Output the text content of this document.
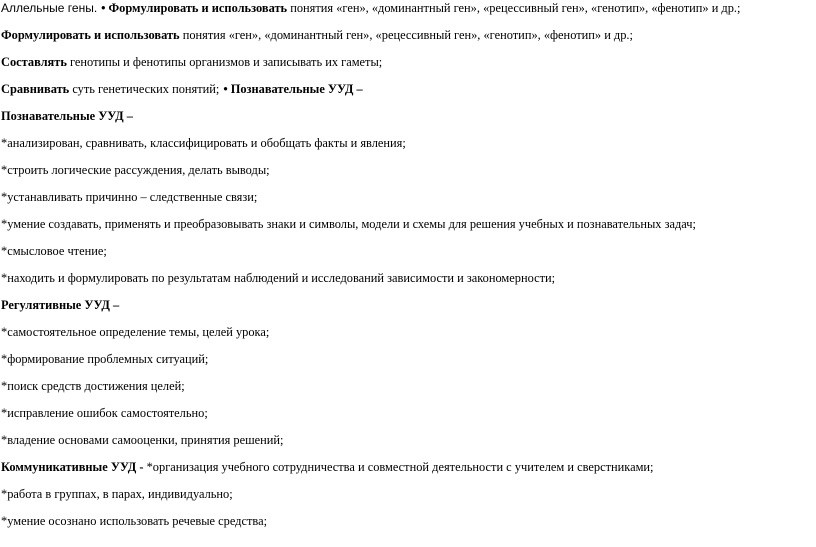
Аллельные гены. • Формулировать и использовать понятия «ген», «доминантный ген», «рецессивный ген», «генотип», «фенотип» и др.;
Формулировать и использовать понятия «ген», «доминантный ген», «рецессивный ген», «генотип», «фенотип» и др.;
Составлять генотипы и фенотипы организмов и записывать их гаметы;
Сравнивать суть генетических понятий; • Познавательные УУД –
Познавательные УУД –
*анализирован, сравнивать, классифицировать и обобщать факты и явления;
*строить логические рассуждения, делать выводы;
*устанавливать причинно – следственные связи;
*умение создавать, применять и преобразовывать знаки и символы, модели и схемы для решения учебных и познавательных задач;
*смысловое чтение;
*находить и формулировать по результатам наблюдений и исследований зависимости и закономерности;
Регулятивные УУД –
*самостоятельное определение темы, целей урока;
*формирование проблемных ситуаций;
*поиск средств достижения целей;
*исправление ошибок самостоятельно;
*владение основами самооценки, принятия решений;
Коммуникативные УУД - *организация учебного сотрудничества и совместной деятельности с учителем и сверстниками;
*работа в группах, в парах, индивидуально;
*умение осознано использовать речевые средства;
